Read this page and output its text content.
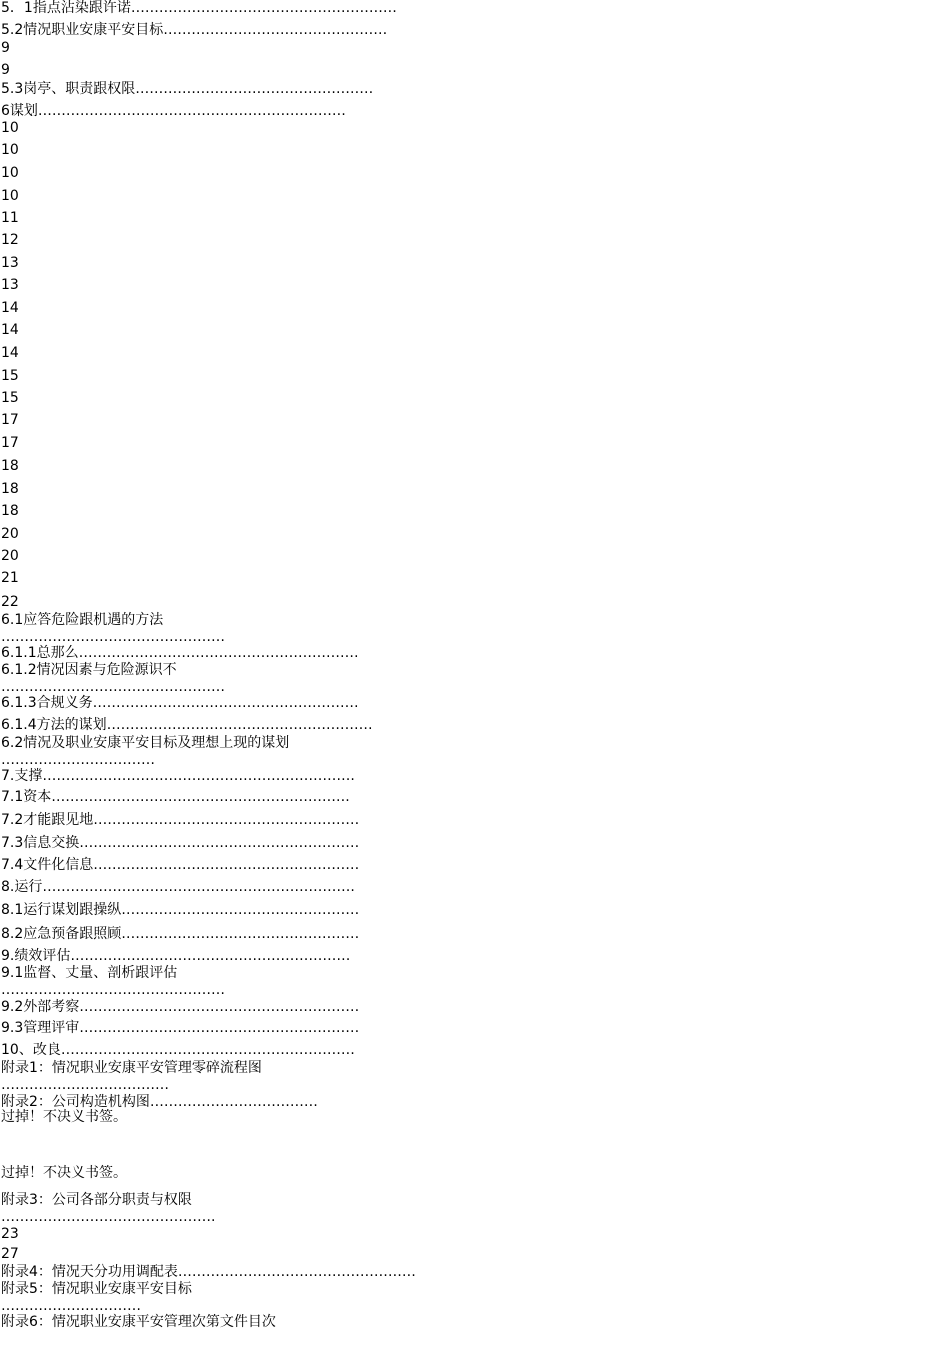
5．1指点沾染跟许诺…………………………………………………
5.2情况职业安康平安目标…………………………………………
9
9
5.3岗亭、职责跟权限……………………………………………
6谋划…………………………………………………………
10
10
10
10
11
12
13
13
14
14
14
15
15
17
17
18
18
18
20
20
21
22
6.1应答危险跟机遇的方法
…………………………………………
6.1.1总那么……………………………………………………
6.1.2情况因素与危险源识不
…………………………………………
6.1.3合规义务…………………………………………………
6.1.4方法的谋划…………………………………………………
6.2情况及职业安康平安目标及理想上现的谋划
……………………………
7.支撑………………………………………………………….
7.1资本……………………………………………………….
7.2才能跟见地…………………………………………………
7.3信息交换……………………………………………………
7.4文件化信息…………………………………………………
8.运行………………………………………………………….
8.1运行谋划跟操纵……………………………………………
8.2应急预备跟照顾……………………………………………
9.绩效评估……………………………………………………
9.1监督、丈量、剖析跟评估
…………………………………………
9.2外部考察……………………………………………………
9.3管理评审……………………………………………………
10、改良………………………………………………………
附录1：情况职业安康平安管理零碎流程图
………………………………
附录2：公司构造机构图………………………………
过掉！不决义书签。
过掉！不决义书签。
附录3：公司各部分职责与权限
……………………………………….
23
27
附录4：情况天分功用调配表……………………………………………
附录5：情况职业安康平安目标
…………………………
附录6：情况职业安康平安管理次第文件目次
